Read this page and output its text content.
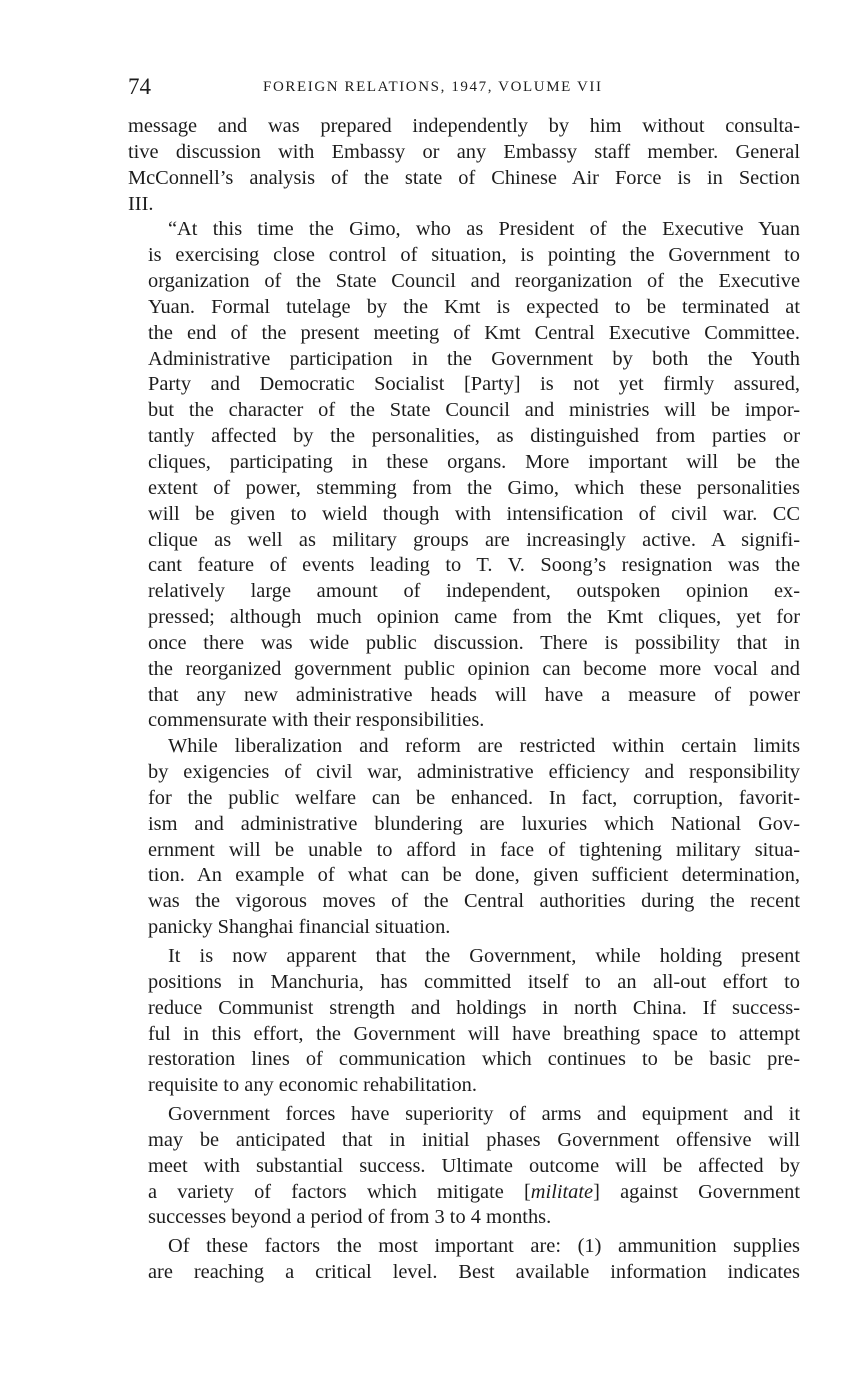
74	FOREIGN RELATIONS, 1947, VOLUME VII
message and was prepared independently by him without consulta-
tive discussion with Embassy or any Embassy staff member. General
McConnell’s analysis of the state of Chinese Air Force is in Section
III.
“At this time the Gimo, who as President of the Executive Yuan
is exercising close control of situation, is pointing the Government to
organization of the State Council and reorganization of the Executive
Yuan. Formal tutelage by the Kmt is expected to be terminated at
the end of the present meeting of Kmt Central Executive Committee.
Administrative participation in the Government by both the Youth
Party and Democratic Socialist [Party] is not yet firmly assured,
but the character of the State Council and ministries will be impor-
tantly affected by the personalities, as distinguished from parties or
cliques, participating in these organs. More important will be the
extent of power, stemming from the Gimo, which these personalities
will be given to wield though with intensification of civil war. CC
clique as well as military groups are increasingly active. A signifi-
cant feature of events leading to T. V. Soong’s resignation was the
relatively large amount of independent, outspoken opinion ex-
pressed; although much opinion came from the Kmt cliques, yet for
once there was wide public discussion. There is possibility that in
the reorganized government public opinion can become more vocal and
that any new administrative heads will have a measure of power
commensurate with their responsibilities.
While liberalization and reform are restricted within certain limits
by exigencies of civil war, administrative efficiency and responsibility
for the public welfare can be enhanced. In fact, corruption, favorit-
ism and administrative blundering are luxuries which National Gov-
ernment will be unable to afford in face of tightening military situa-
tion. An example of what can be done, given sufficient determination,
was the vigorous moves of the Central authorities during the recent
panicky Shanghai financial situation.
It is now apparent that the Government, while holding present
positions in Manchuria, has committed itself to an all-out effort to
reduce Communist strength and holdings in north China. If success-
ful in this effort, the Government will have breathing space to attempt
restoration lines of communication which continues to be basic pre-
requisite to any economic rehabilitation.
Government forces have superiority of arms and equipment and it
may be anticipated that in initial phases Government offensive will
meet with substantial success. Ultimate outcome will be affected by
a variety of factors which mitigate [militate] against Government
successes beyond a period of from 3 to 4 months.
Of these factors the most important are: (1) ammunition supplies
are reaching a critical level. Best available information indicates
